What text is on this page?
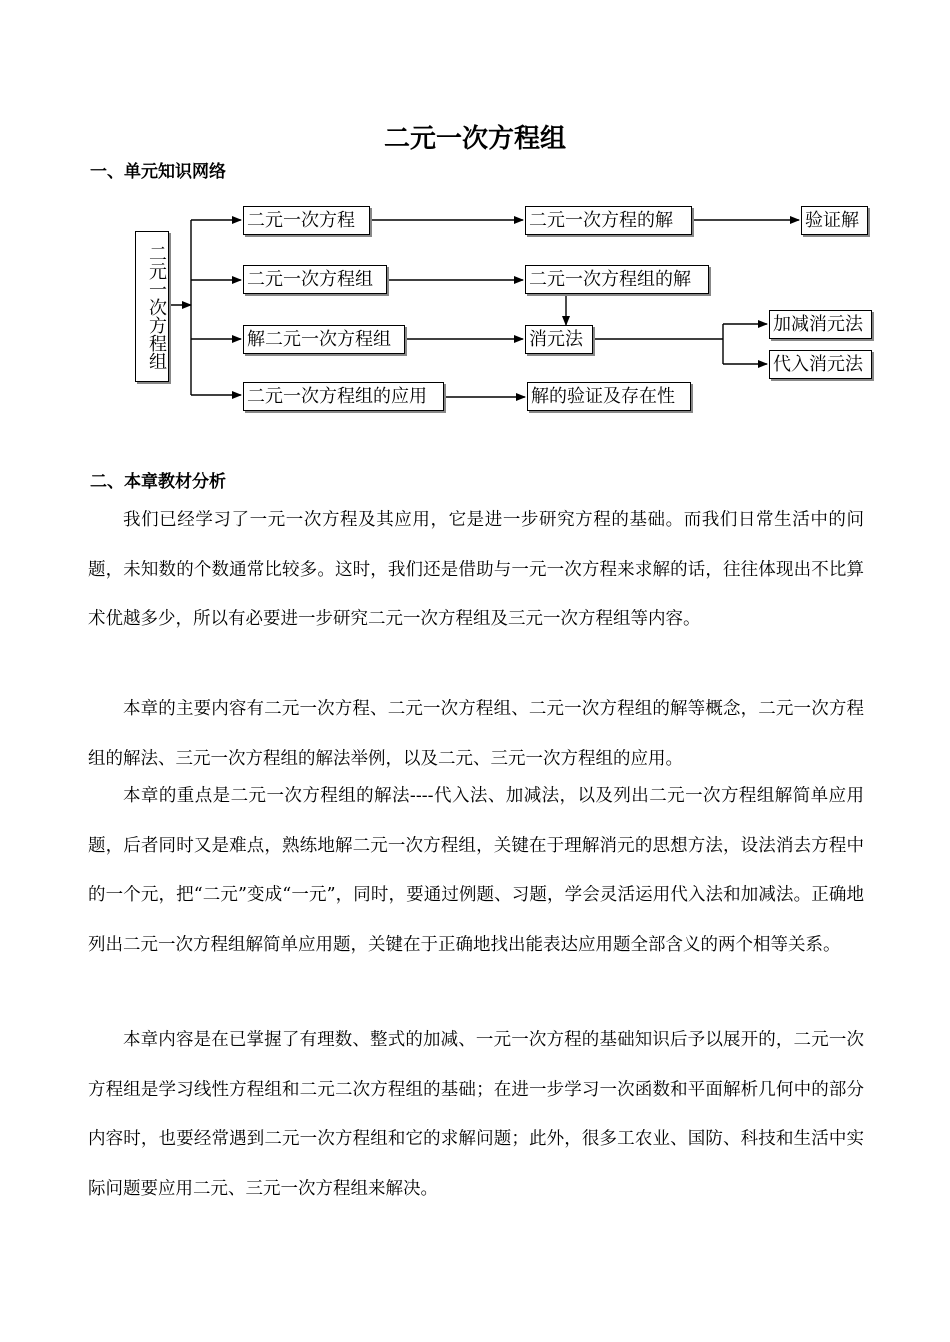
二元一次方程组
一、单元知识网络
二元一次方程组
二元一次方程	二元一次方程的解	验证解
二元一次方程组	二元一次方程组的解
解二元一次方程组	消元法
加减消元法
代入消元法
二元一次方程组的应用	解的验证及存在性
二、本章教材分析

我们已经学习了一元一次方程及其应用，它是进一步研究方程的基础。而我们日常生活中的问题，未知数的个数通常比较多。这时，我们还是借助与一元一次方程来求解的话，往往体现出不比算术优越多少，所以有必要进一步研究二元一次方程组及三元一次方程组等内容。

本章的主要内容有二元一次方程、二元一次方程组、二元一次方程组的解等概念，二元一次方程组的解法、三元一次方程组的解法举例，以及二元、三元一次方程组的应用。

本章的重点是二元一次方程组的解法----代入法、加减法，以及列出二元一次方程组解简单应用题，后者同时又是难点，熟练地解二元一次方程组，关键在于理解消元的思想方法，设法消去方程中的一个元，把“二元”变成“一元”，同时，要通过例题、习题，学会灵活运用代入法和加减法。正确地列出二元一次方程组解简单应用题，关键在于正确地找出能表达应用题全部含义的两个相等关系。

本章内容是在已掌握了有理数、整式的加减、一元一次方程的基础知识后予以展开的，二元一次方程组是学习线性方程组和二元二次方程组的基础；在进一步学习一次函数和平面解析几何中的部分内容时，也要经常遇到二元一次方程组和它的求解问题；此外，很多工农业、国防、科技和生活中实际问题要应用二元、三元一次方程组来解决。
